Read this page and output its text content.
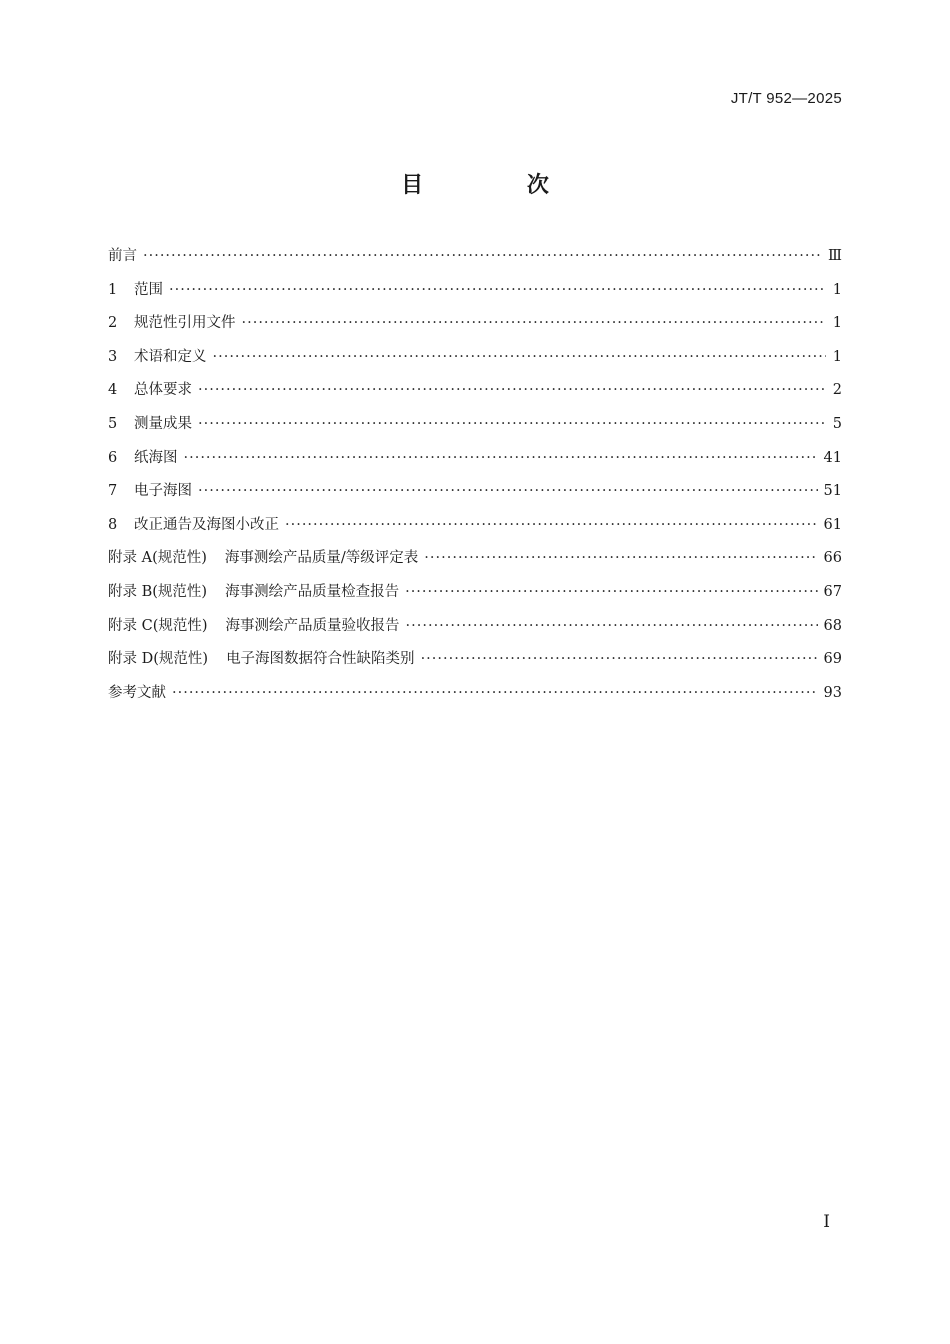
JT/T 952—2025
目 次
前言 ·····	Ⅲ
1	范围 ·····	1
2	规范性引用文件 ·····	1
3	术语和定义 ·····	1
4	总体要求 ·····	2
5	测量成果 ·····	5
6	纸海图 ·····	41
7	电子海图 ·····	51
8	改正通告及海图小改正 ·····	61
附录 A(规范性) 海事测绘产品质量/等级评定表 ·····	66
附录 B(规范性) 海事测绘产品质量检查报告 ·····	67
附录 C(规范性) 海事测绘产品质量验收报告 ·····	68
附录 D(规范性) 电子海图数据符合性缺陷类别 ·····	69
参考文献 ·····	93
I
